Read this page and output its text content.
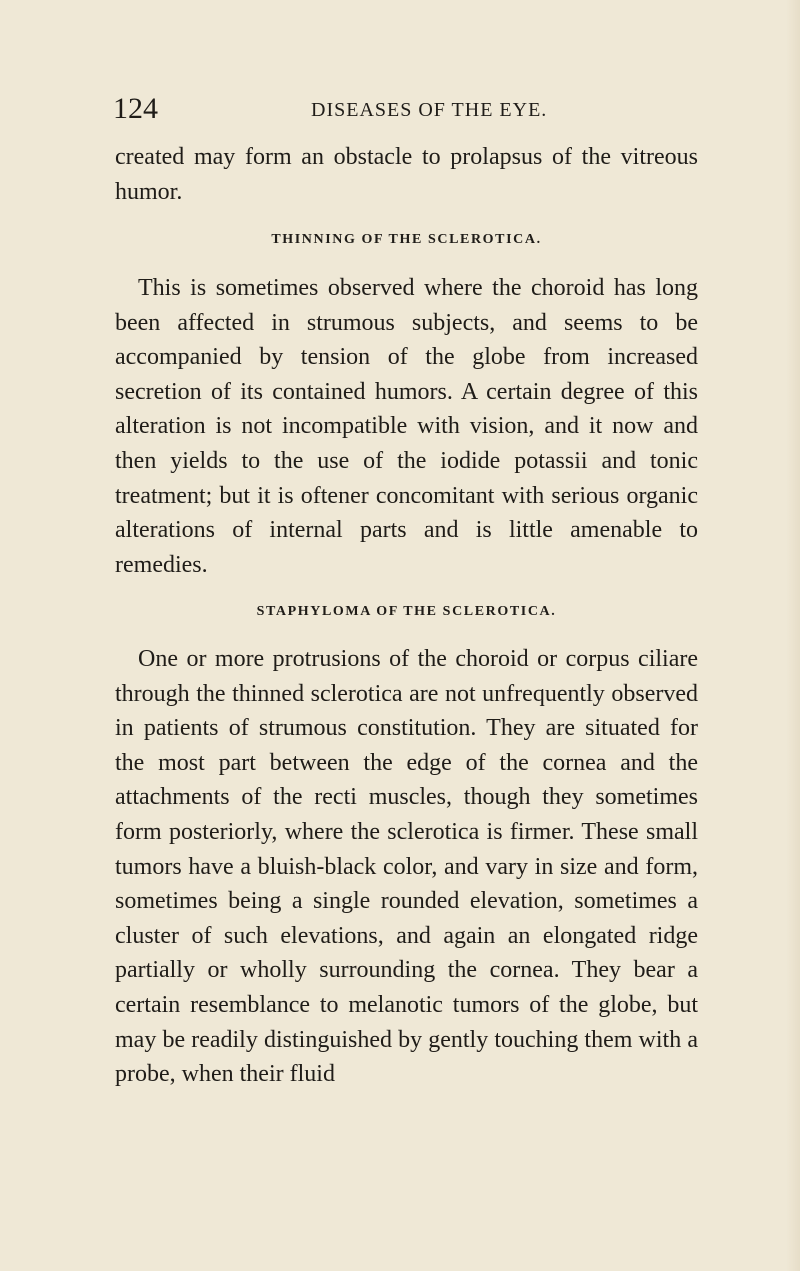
124	DISEASES OF THE EYE.

created may form an obstacle to prolapsus of the vitreous humor.

THINNING OF THE SCLEROTICA.

This is sometimes observed where the choroid has long been affected in strumous subjects, and seems to be accompanied by tension of the globe from increased secretion of its contained humors. A certain degree of this alteration is not incompatible with vision, and it now and then yields to the use of the iodide potassii and tonic treatment; but it is oftener concomitant with serious organic alterations of internal parts and is little amenable to remedies.

STAPHYLOMA OF THE SCLEROTICA.

One or more protrusions of the choroid or corpus ciliare through the thinned sclerotica are not unfrequently observed in patients of strumous constitution. They are situated for the most part between the edge of the cornea and the attachments of the recti muscles, though they sometimes form posteriorly, where the sclerotica is firmer. These small tumors have a bluish-black color, and vary in size and form, sometimes being a single rounded elevation, sometimes a cluster of such elevations, and again an elongated ridge partially or wholly surrounding the cornea. They bear a certain resemblance to melanotic tumors of the globe, but may be readily distinguished by gently touching them with a probe, when their fluid
